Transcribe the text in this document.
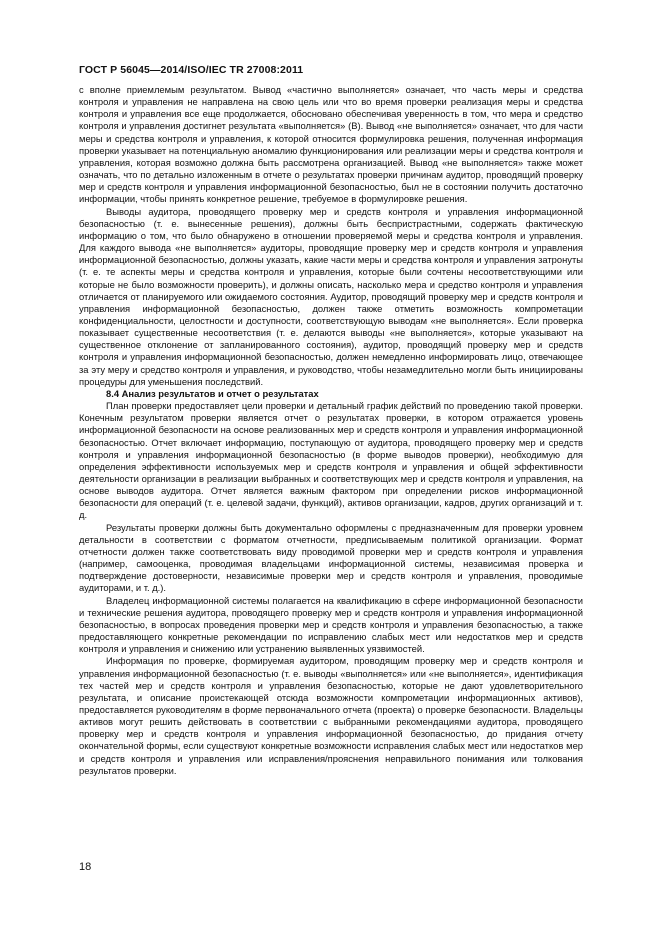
ГОСТ Р 56045—2014/ISO/IEC TR 27008:2011

с вполне приемлемым результатом. Вывод «частично выполняется» означает, что часть меры и средства контроля и управления не направлена на свою цель или что во время проверки реализация меры и средства контроля и управления все еще продолжается, обосновано обеспечивая уверенность в том, что мера и средство контроля и управления достигнет результата «выполняется» (В). Вывод «не выполняется» означает, что для части меры и средства контроля и управления, к которой относится формулировка решения, полученная информация проверки указывает на потенциальную аномалию функционирования или реализации меры и средства контроля и управления, которая возможно должна быть рассмотрена организацией. Вывод «не выполняется» также может означать, что по детально изложенным в отчете о результатах проверки причинам аудитор, проводящий проверку мер и средств контроля и управления информационной безопасностью, был не в состоянии получить достаточно информации, чтобы принять конкретное решение, требуемое в формулировке решения.

Выводы аудитора, проводящего проверку мер и средств контроля и управления информационной безопасностью (т. е. вынесенные решения), должны быть беспристрастными, содержать фактическую информацию о том, что было обнаружено в отношении проверяемой меры и средства контроля и управления. Для каждого вывода «не выполняется» аудиторы, проводящие проверку мер и средств контроля и управления информационной безопасностью, должны указать, какие части меры и средства контроля и управления затронуты (т. е. те аспекты меры и средства контроля и управления, которые были сочтены несоответствующими или которые не было возможности проверить), и должны описать, насколько мера и средство контроля и управления отличается от планируемого или ожидаемого состояния. Аудитор, проводящий проверку мер и средств контроля и управления информационной безопасностью, должен также отметить возможность компрометации конфиденциальности, целостности и доступности, соответствующую выводам «не выполняется». Если проверка показывает существенные несоответствия (т. е. делаются выводы «не выполняется», которые указывают на существенное отклонение от запланированного состояния), аудитор, проводящий проверку мер и средств контроля и управления информационной безопасностью, должен немедленно информировать лицо, отвечающее за эту меру и средство контроля и управления, и руководство, чтобы незамедлительно могли быть инициированы процедуры для уменьшения последствий.

8.4 Анализ результатов и отчет о результатах

План проверки предоставляет цели проверки и детальный график действий по проведению такой проверки. Конечным результатом проверки является отчет о результатах проверки, в котором отражается уровень информационной безопасности на основе реализованных мер и средств контроля и управления информационной безопасностью. Отчет включает информацию, поступающую от аудитора, проводящего проверку мер и средств контроля и управления информационной безопасностью (в форме выводов проверки), необходимую для определения эффективности используемых мер и средств контроля и управления и общей эффективности деятельности организации в реализации выбранных и соответствующих мер и средств контроля и управления, на основе выводов аудитора. Отчет является важным фактором при определении рисков информационной безопасности для операций (т. е. целевой задачи, функций), активов организации, кадров, других организаций и т. д.

Результаты проверки должны быть документально оформлены с предназначенным для проверки уровнем детальности в соответствии с форматом отчетности, предписываемым политикой организации. Формат отчетности должен также соответствовать виду проводимой проверки мер и средств контроля и управления (например, самооценка, проводимая владельцами информационной системы, независимая проверка и подтверждение достоверности, независимые проверки мер и средств контроля и управления, проводимые аудиторами, и т. д.).

Владелец информационной системы полагается на квалификацию в сфере информационной безопасности и технические решения аудитора, проводящего проверку мер и средств контроля и управления информационной безопасностью, в вопросах проведения проверки мер и средств контроля и управления безопасностью, а также предоставляющего конкретные рекомендации по исправлению слабых мест или недостатков мер и средств контроля и управления и снижению или устранению выявленных уязвимостей.

Информация по проверке, формируемая аудитором, проводящим проверку мер и средств контроля и управления информационной безопасностью (т. е. выводы «выполняется» или «не выполняется», идентификация тех частей мер и средств контроля и управления безопасностью, которые не дают удовлетворительного результата, и описание проистекающей отсюда возможности компрометации информационных активов), предоставляется руководителям в форме первоначального отчета (проекта) о проверке безопасности. Владельцы активов могут решить действовать в соответствии с выбранными рекомендациями аудитора, проводящего проверку мер и средств контроля и управления информационной безопасностью, до придания отчету окончательной формы, если существуют конкретные возможности исправления слабых мест или недостатков мер и средств контроля и управления или исправления/прояснения неправильного понимания или толкования результатов проверки.

18
